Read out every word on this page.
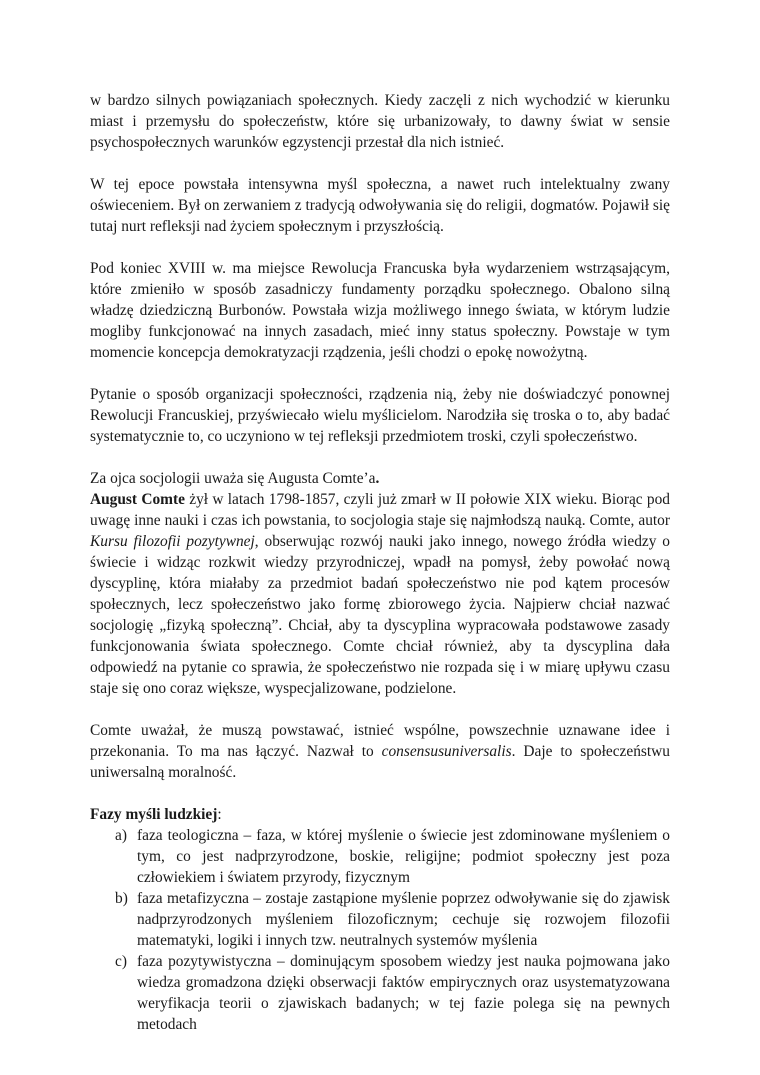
w bardzo silnych powiązaniach społecznych. Kiedy zaczęli z nich wychodzić w kierunku miast i przemysłu do społeczeństw, które się urbanizowały, to dawny świat w sensie psychospołecznych warunków egzystencji przestał dla nich istnieć.

W tej epoce powstała intensywna myśl społeczna, a nawet ruch intelektualny zwany oświeceniem. Był on zerwaniem z tradycją odwoływania się do religii, dogmatów. Pojawił się tutaj nurt refleksji nad życiem społecznym i przyszłością.

Pod koniec XVIII w. ma miejsce Rewolucja Francuska była wydarzeniem wstrząsającym, które zmieniło w sposób zasadniczy fundamenty porządku społecznego. Obalono silną władzę dziedziczną Burbonów. Powstała wizja możliwego innego świata, w którym ludzie mogliby funkcjonować na innych zasadach, mieć inny status społeczny. Powstaje w tym momencie koncepcja demokratyzacji rządzenia, jeśli chodzi o epokę nowożytną.

Pytanie o sposób organizacji społeczności, rządzenia nią, żeby nie doświadczyć ponownej Rewolucji Francuskiej, przyświecało wielu myślicielom. Narodziła się troska o to, aby badać systematycznie to, co uczyniono w tej refleksji przedmiotem troski, czyli społeczeństwo.

Za ojca socjologii uważa się Augusta Comte’a.

August Comte żył w latach 1798-1857, czyli już zmarł w II połowie XIX wieku. Biorąc pod uwagę inne nauki i czas ich powstania, to socjologia staje się najmłodszą nauką. Comte, autor Kursu filozofii pozytywnej, obserwując rozwój nauki jako innego, nowego źródła wiedzy o świecie i widząc rozkwit wiedzy przyrodniczej, wpadł na pomysł, żeby powołać nową dyscyplinę, która miałaby za przedmiot badań społeczeństwo nie pod kątem procesów społecznych, lecz społeczeństwo jako formę zbiorowego życia. Najpierw chciał nazwać socjologię „fizyką społeczną”. Chciał, aby ta dyscyplina wypracowała podstawowe zasady funkcjonowania świata społecznego. Comte chciał również, aby ta dyscyplina dała odpowiedź na pytanie co sprawia, że społeczeństwo nie rozpada się i w miarę upływu czasu staje się ono coraz większe, wyspecjalizowane, podzielone.

Comte uważał, że muszą powstawać, istnieć wspólne, powszechnie uznawane idee i przekonania. To ma nas łączyć. Nazwał to consensusuniversalis. Daje to społeczeństwu uniwersalną moralność.

Fazy myśli ludzkiej:

a) faza teologiczna – faza, w której myślenie o świecie jest zdominowane myśleniem o tym, co jest nadprzyrodzone, boskie, religijne; podmiot społeczny jest poza człowiekiem i światem przyrody, fizycznym
b) faza metafizyczna – zostaje zastąpione myślenie poprzez odwoływanie się do zjawisk nadprzyrodzonych myśleniem filozoficznym; cechuje się rozwojem filozofii matematyki, logiki i innych tzw. neutralnych systemów myślenia
c) faza pozytywistyczna – dominującym sposobem wiedzy jest nauka pojmowana jako wiedza gromadzona dzięki obserwacji faktów empirycznych oraz usystematyzowana weryfikacja teorii o zjawiskach badanych; w tej fazie polega się na pewnych metodach
